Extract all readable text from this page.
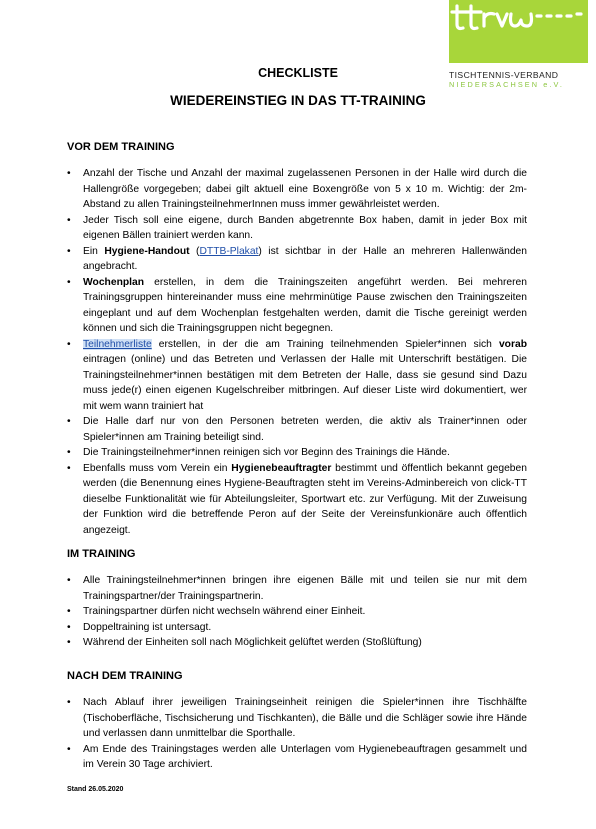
TISCHTENNIS-VERBAND
NIEDERSACHSEN e.V.
CHECKLISTE
WIEDEREINSTIEG IN DAS TT-TRAINING
VOR DEM TRAINING
• Anzahl der Tische und Anzahl der maximal zugelassenen Personen in der Halle wird durch die Hallengröße vorgegeben; dabei gilt aktuell eine Boxengröße von 5 x 10 m. Wichtig: der 2m-Abstand zu allen TrainingsteilnehmerInnen muss immer gewährleistet werden.
• Jeder Tisch soll eine eigene, durch Banden abgetrennte Box haben, damit in jeder Box mit eigenen Bällen trainiert werden kann.
• Ein Hygiene-Handout (DTTB-Plakat) ist sichtbar in der Halle an mehreren Hallenwänden angebracht.
• Wochenplan erstellen, in dem die Trainingszeiten angeführt werden. Bei mehreren Trainingsgruppen hintereinander muss eine mehrminütige Pause zwischen den Trainingszeiten eingeplant und auf dem Wochenplan festgehalten werden, damit die Tische gereinigt werden können und sich die Trainingsgruppen nicht begegnen.
• Teilnehmerliste erstellen, in der die am Training teilnehmenden Spieler*innen sich vorab eintragen (online) und das Betreten und Verlassen der Halle mit Unterschrift bestätigen. Die Trainingsteilnehmer*innen bestätigen mit dem Betreten der Halle, dass sie gesund sind Dazu muss jede(r) einen eigenen Kugelschreiber mitbringen. Auf dieser Liste wird dokumentiert, wer mit wem wann trainiert hat
• Die Halle darf nur von den Personen betreten werden, die aktiv als Trainer*innen oder Spieler*innen am Training beteiligt sind.
• Die Trainingsteilnehmer*innen reinigen sich vor Beginn des Trainings die Hände.
• Ebenfalls muss vom Verein ein Hygienebeauftragter bestimmt und öffentlich bekannt gegeben werden (die Benennung eines Hygiene-Beauftragten steht im Vereins-Adminbereich von click-TT dieselbe Funktionalität wie für Abteilungsleiter, Sportwart etc. zur Verfügung. Mit der Zuweisung der Funktion wird die betreffende Peron auf der Seite der Vereinsfunkionäre auch öffentlich angezeigt.
IM TRAINING
• Alle Trainingsteilnehmer*innen bringen ihre eigenen Bälle mit und teilen sie nur mit dem Trainingspartner/der Trainingspartnerin.
• Trainingspartner dürfen nicht wechseln während einer Einheit.
• Doppeltraining ist untersagt.
• Während der Einheiten soll nach Möglichkeit gelüftet werden (Stoßlüftung)
NACH DEM TRAINING
• Nach Ablauf ihrer jeweiligen Trainingseinheit reinigen die Spieler*innen ihre Tischhälfte (Tischoberfläche, Tischsicherung und Tischkanten), die Bälle und die Schläger sowie ihre Hände und verlassen dann unmittelbar die Sporthalle.
• Am Ende des Trainingstages werden alle Unterlagen vom Hygienebeauftragen gesammelt und im Verein 30 Tage archiviert.
Stand 26.05.2020
